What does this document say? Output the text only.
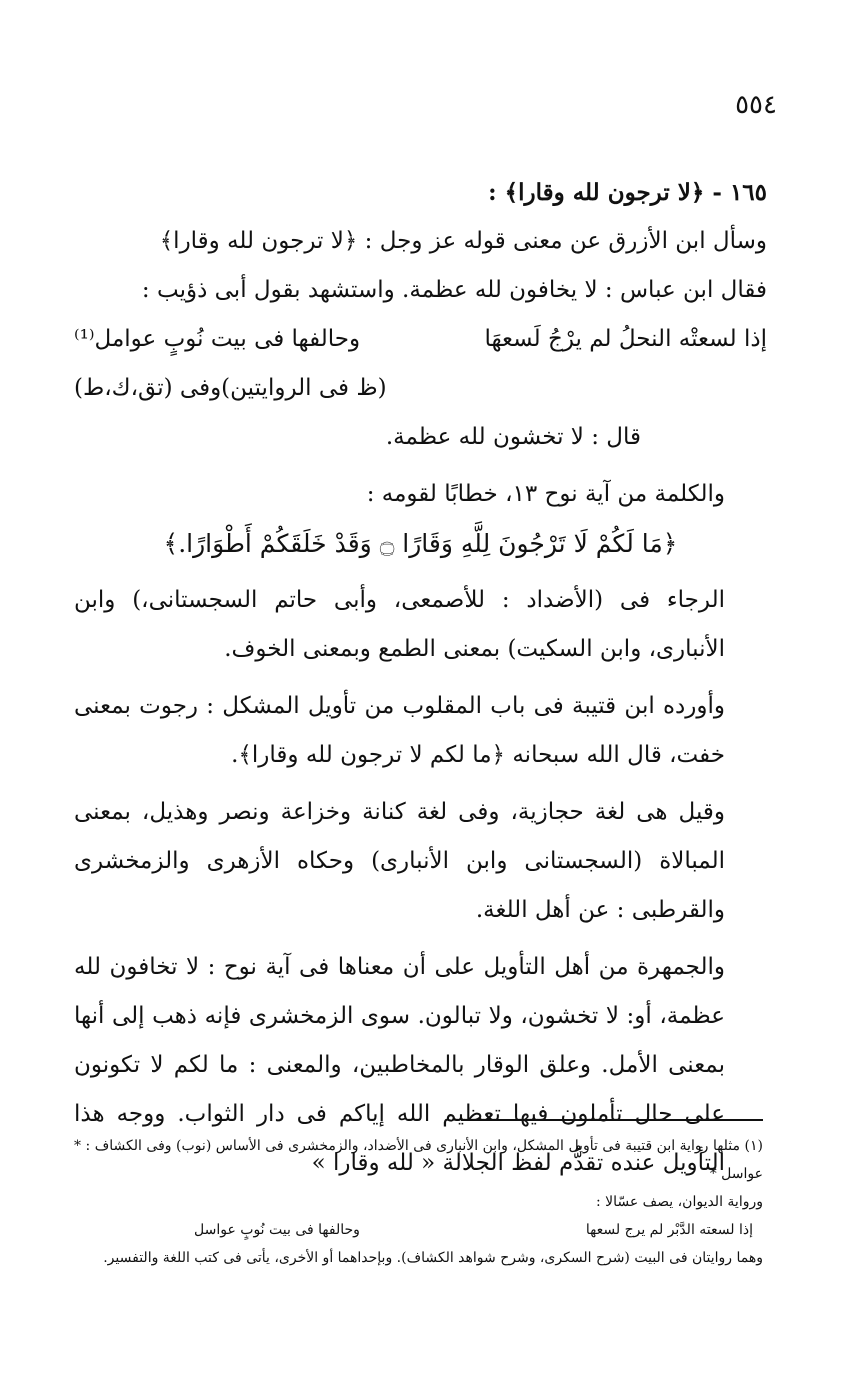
٥٥٤

١٦٥ - ﴿لا ترجون لله وقارا﴾ :

وسأل ابن الأزرق عن معنى قوله عز وجل : ﴿لا ترجون لله وقارا﴾

فقال ابن عباس : لا يخافون لله عظمة. واستشهد بقول أبى ذؤيب :

إذا لسعتْه النحلُ لم يرْجُ لَسعهَا
وحالفها فى بيت نُوبٍ عوامل⁽¹⁾

(ظ فى الروايتين)وفى (تق،ك،ط)

قال : لا تخشون لله عظمة.

والكلمة من آية نوح ١٣، خطابًا لقومه :

﴿مَا لَكُمْ لَا تَرْجُونَ لِلَّهِ وَقَارًا ۝ وَقَدْ خَلَقَكُمْ أَطْوَارًا.﴾

الرجاء فى (الأضداد : للأصمعى، وأبى حاتم السجستانى،) وابن الأنبارى، وابن السكيت) بمعنى الطمع وبمعنى الخوف.

وأورده ابن قتيبة فى باب المقلوب من تأويل المشكل : رجوت بمعنى خفت، قال الله سبحانه ﴿ما لكم لا ترجون لله وقارا﴾.

وقيل هى لغة حجازية، وفى لغة كنانة وخزاعة ونصر وهذيل، بمعنى المبالاة (السجستانى وابن الأنبارى) وحكاه الأزهرى والزمخشرى والقرطبى : عن أهل اللغة.

والجمهرة من أهل التأويل على أن معناها فى آية نوح : لا تخافون لله عظمة، أو: لا تخشون، ولا تبالون. سوى الزمخشرى فإنه ذهب إلى أنها بمعنى الأمل. وعلق الوقار بالمخاطبين، والمعنى : ما لكم لا تكونون على حال تأملون فيها تعظيم الله إياكم فى دار الثواب. ووجه هذا التأويل عنده تقدُّم لفظ الجلالة « لله وقارا »

(١) مثلها رواية ابن قتيبة فى تأويل المشكل، وابن الأنبارى فى الأضداد، والزمخشرى فى الأساس (نوب) وفى الكشاف : * عواسل *

ورواية الديوان، يصف عسّالا :

إذا لسعته الدَّبْر لم يرج لسعها
وحالفها فى بيت نُوبٍ عواسل

وهما روايتان فى البيت (شرح السكرى، وشرح شواهد الكشاف). وبإحداهما أو الأخرى، يأتى فى كتب اللغة والتفسير.
